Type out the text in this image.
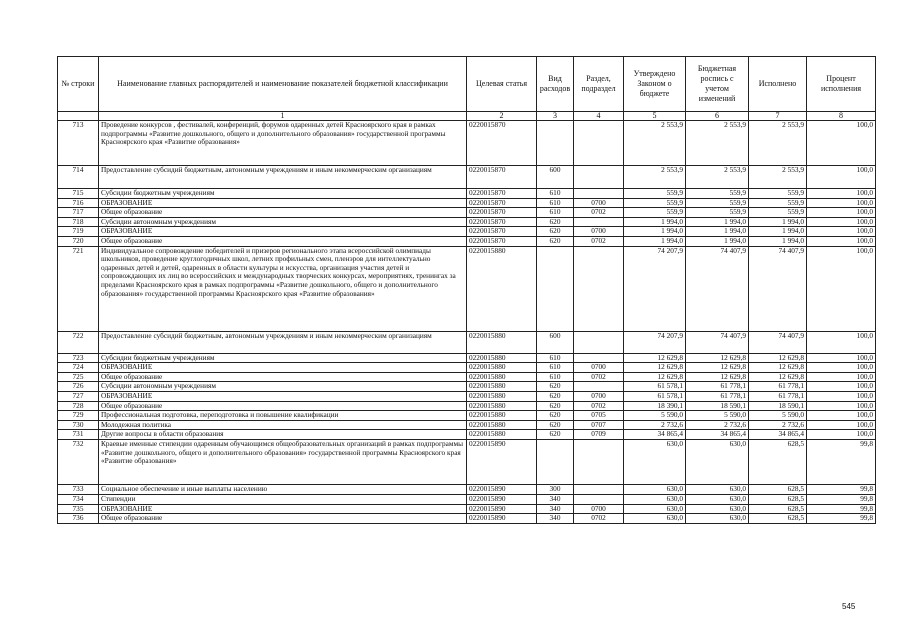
№ строки	Наименование главных распорядителей и наименование показателей бюджетной классификации	Целевая статья	Вид расходов	Раздел, подраздел	Утверждено Законом о бюджете	Бюджетная роспись с учетом изменений	Исполнено	Процент исполнения
	1	2	3	4	5	6	7	8
713	Проведение конкурсов , фестивалей, конференций, форумов одаренных детей Красноярского края в рамках подпрограммы «Развитие дошкольного, общего и дополнительного образования» государственной программы Красноярского края «Развитие образования»	0220015870			2 553,9	2 553,9	2 553,9	100,0
714	Предоставление субсидий бюджетным, автономным учреждениям и иным некоммерческим организациям	0220015870	600		2 553,9	2 553,9	2 553,9	100,0
715	Субсидии бюджетным учреждениям	0220015870	610		559,9	559,9	559,9	100,0
716	ОБРАЗОВАНИЕ	0220015870	610	0700	559,9	559,9	559,9	100,0
717	Общее образование	0220015870	610	0702	559,9	559,9	559,9	100,0
718	Субсидии автономным учреждениям	0220015870	620		1 994,0	1 994,0	1 994,0	100,0
719	ОБРАЗОВАНИЕ	0220015870	620	0700	1 994,0	1 994,0	1 994,0	100,0
720	Общее образование	0220015870	620	0702	1 994,0	1 994,0	1 994,0	100,0
721	Индивидуальное сопровождение победителей и призеров регионального этапа всероссийской олимпиады школьников, проведение круглогодичных школ, летних профильных смен, пленэров для интеллектуально одаренных детей и детей, одаренных в области культуры и искусства, организация участия детей и сопровождающих их лиц во всероссийских и международных творческих конкурсах, мероприятиях, тренингах за пределами Красноярского края в рамках подпрограммы «Развитие дошкольного, общего и дополнительного образования» государственной программы Красноярского края «Развитие образования»	0220015880			74 207,9	74 407,9	74 407,9	100,0
722	Предоставление субсидий бюджетным, автономным учреждениям и иным некоммерческим организациям	0220015880	600		74 207,9	74 407,9	74 407,9	100,0
723	Субсидии бюджетным учреждениям	0220015880	610		12 629,8	12 629,8	12 629,8	100,0
724	ОБРАЗОВАНИЕ	0220015880	610	0700	12 629,8	12 629,8	12 629,8	100,0
725	Общее образование	0220015880	610	0702	12 629,8	12 629,8	12 629,8	100,0
726	Субсидии автономным учреждениям	0220015880	620		61 578,1	61 778,1	61 778,1	100,0
727	ОБРАЗОВАНИЕ	0220015880	620	0700	61 578,1	61 778,1	61 778,1	100,0
728	Общее образование	0220015880	620	0702	18 390,1	18 590,1	18 590,1	100,0
729	Профессиональная подготовка, переподготовка и повышение квалификации	0220015880	620	0705	5 590,0	5 590,0	5 590,0	100,0
730	Молодежная политика	0220015880	620	0707	2 732,6	2 732,6	2 732,6	100,0
731	Другие вопросы в области образования	0220015880	620	0709	34 865,4	34 865,4	34 865,4	100,0
732	Краевые именные стипендии одаренным обучающимся общеобразовательных организаций в рамках подпрограммы «Развитие дошкольного, общего и дополнительного образования» государственной программы Красноярского края «Развитие образования»	0220015890			630,0	630,0	628,5	99,8
733	Социальное обеспечение и иные выплаты населению	0220015890	300		630,0	630,0	628,5	99,8
734	Стипендии	0220015890	340		630,0	630,0	628,5	99,8
735	ОБРАЗОВАНИЕ	0220015890	340	0700	630,0	630,0	628,5	99,8
736	Общее образование	0220015890	340	0702	630,0	630,0	628,5	99,8
545
